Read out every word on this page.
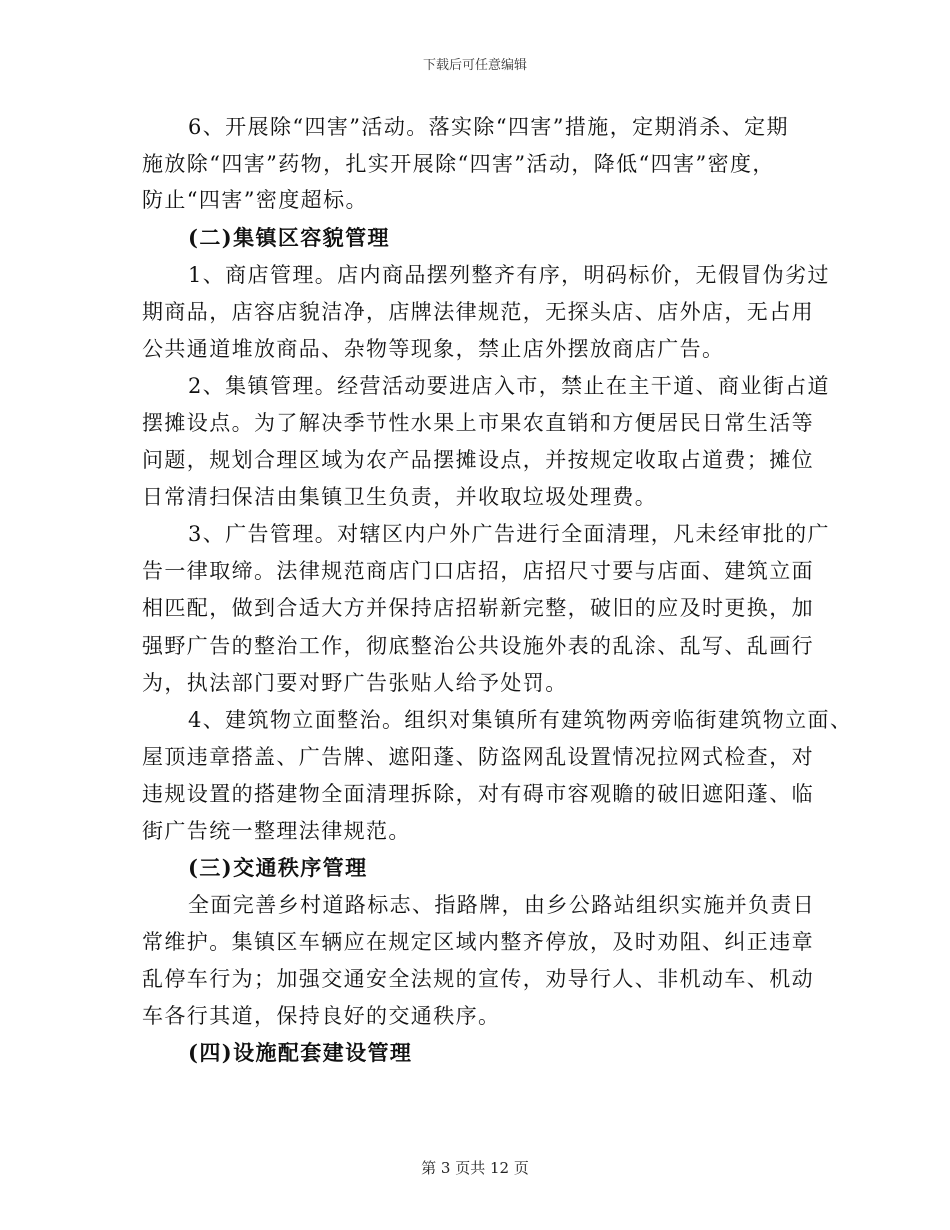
下载后可任意编辑
6、开展除“四害”活动。落实除“四害”措施，定期消杀、定期
施放除“四害”药物，扎实开展除“四害”活动，降低“四害”密度，
防止“四害”密度超标。
(二)集镇区容貌管理
1、商店管理。店内商品摆列整齐有序，明码标价，无假冒伪劣过
期商品，店容店貌洁净，店牌法律规范，无探头店、店外店，无占用
公共通道堆放商品、杂物等现象，禁止店外摆放商店广告。
2、集镇管理。经营活动要进店入市，禁止在主干道、商业街占道
摆摊设点。为了解决季节性水果上市果农直销和方便居民日常生活等
问题，规划合理区域为农产品摆摊设点，并按规定收取占道费；摊位
日常清扫保洁由集镇卫生负责，并收取垃圾处理费。
3、广告管理。对辖区内户外广告进行全面清理，凡未经审批的广
告一律取缔。法律规范商店门口店招，店招尺寸要与店面、建筑立面
相匹配，做到合适大方并保持店招崭新完整，破旧的应及时更换，加
强野广告的整治工作，彻底整治公共设施外表的乱涂、乱写、乱画行
为，执法部门要对野广告张贴人给予处罚。
4、建筑物立面整治。组织对集镇所有建筑物两旁临街建筑物立面、
屋顶违章搭盖、广告牌、遮阳蓬、防盗网乱设置情况拉网式检查，对
违规设置的搭建物全面清理拆除，对有碍市容观瞻的破旧遮阳蓬、临
街广告统一整理法律规范。
(三)交通秩序管理
全面完善乡村道路标志、指路牌，由乡公路站组织实施并负责日
常维护。集镇区车辆应在规定区域内整齐停放，及时劝阻、纠正违章
乱停车行为；加强交通安全法规的宣传，劝导行人、非机动车、机动
车各行其道，保持良好的交通秩序。
(四)设施配套建设管理
第 3 页共 12 页
